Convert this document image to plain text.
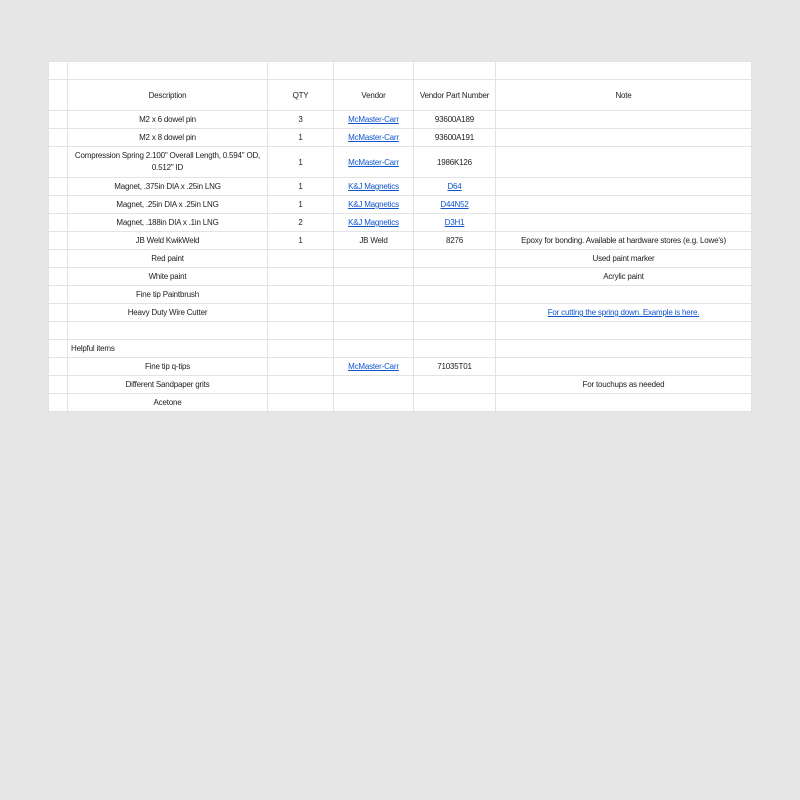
	Description	QTY	Vendor	Vendor Part Number	Note
	M2 x 6 dowel pin	3	McMaster-Carr	93600A189	
	M2 x 8 dowel pin	1	McMaster-Carr	93600A191	
	Compression Spring 2.100" Overall Length, 0.594" OD, 0.512" ID	1	McMaster-Carr	1986K126	
	Magnet, .375in DIA x .25in LNG	1	K&J Magnetics	D64	
	Magnet, .25in DIA x .25in LNG	1	K&J Magnetics	D44N52	
	Magnet, .188in DIA x .1in LNG	2	K&J Magnetics	D3H1	
	JB Weld KwikWeld	1	JB Weld	8276	Epoxy for bonding. Available at hardware stores (e.g. Lowe's)
	Red paint				Used paint marker
	White paint				Acrylic paint
	Fine tip Paintbrush				
	Heavy Duty Wire Cutter				For cutting the spring down. Example is here.

	Helpful items				
	Fine tip q-tips		McMaster-Carr	71035T01	
	Different Sandpaper grits				For touchups as needed
	Acetone				
